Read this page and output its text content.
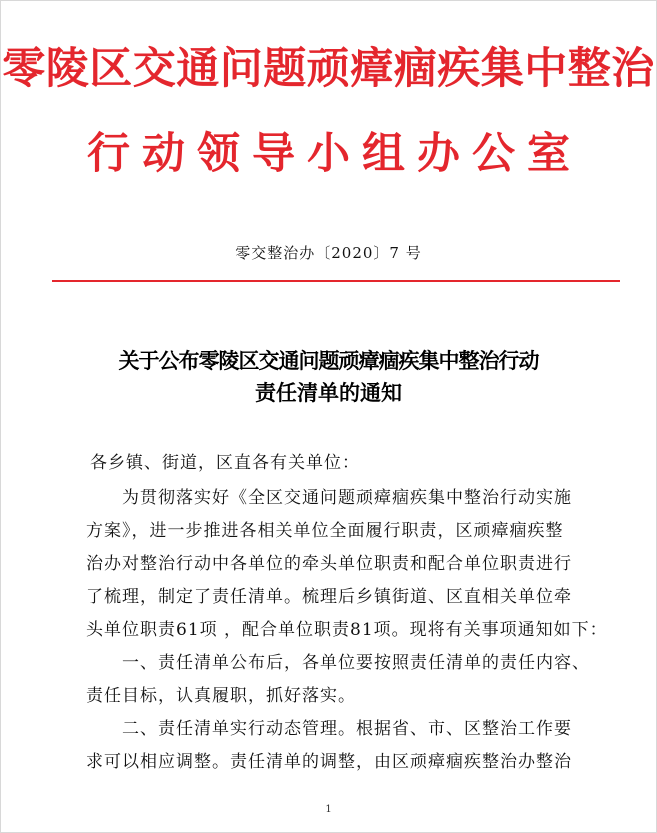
零陵区交通问题顽瘴痼疾集中整治
行动领导小组办公室
零交整治办〔2020〕7 号
关于公布零陵区交通问题顽瘴痼疾集中整治行动
责任清单的通知
各乡镇、街道，区直各有关单位：
　　为贯彻落实好《全区交通问题顽瘴痼疾集中整治行动实施
方案》，进一步推进各相关单位全面履行职责，区顽瘴痼疾整
治办对整治行动中各单位的牵头单位职责和配合单位职责进行
了梳理，制定了责任清单。梳理后乡镇街道、区直相关单位牵
头单位职责61项 ，配合单位职责81项。现将有关事项通知如下：
　　一、责任清单公布后，各单位要按照责任清单的责任内容、
责任目标，认真履职，抓好落实。
　　二、责任清单实行动态管理。根据省、市、区整治工作要
求可以相应调整。责任清单的调整，由区顽瘴痼疾整治办整治
1
